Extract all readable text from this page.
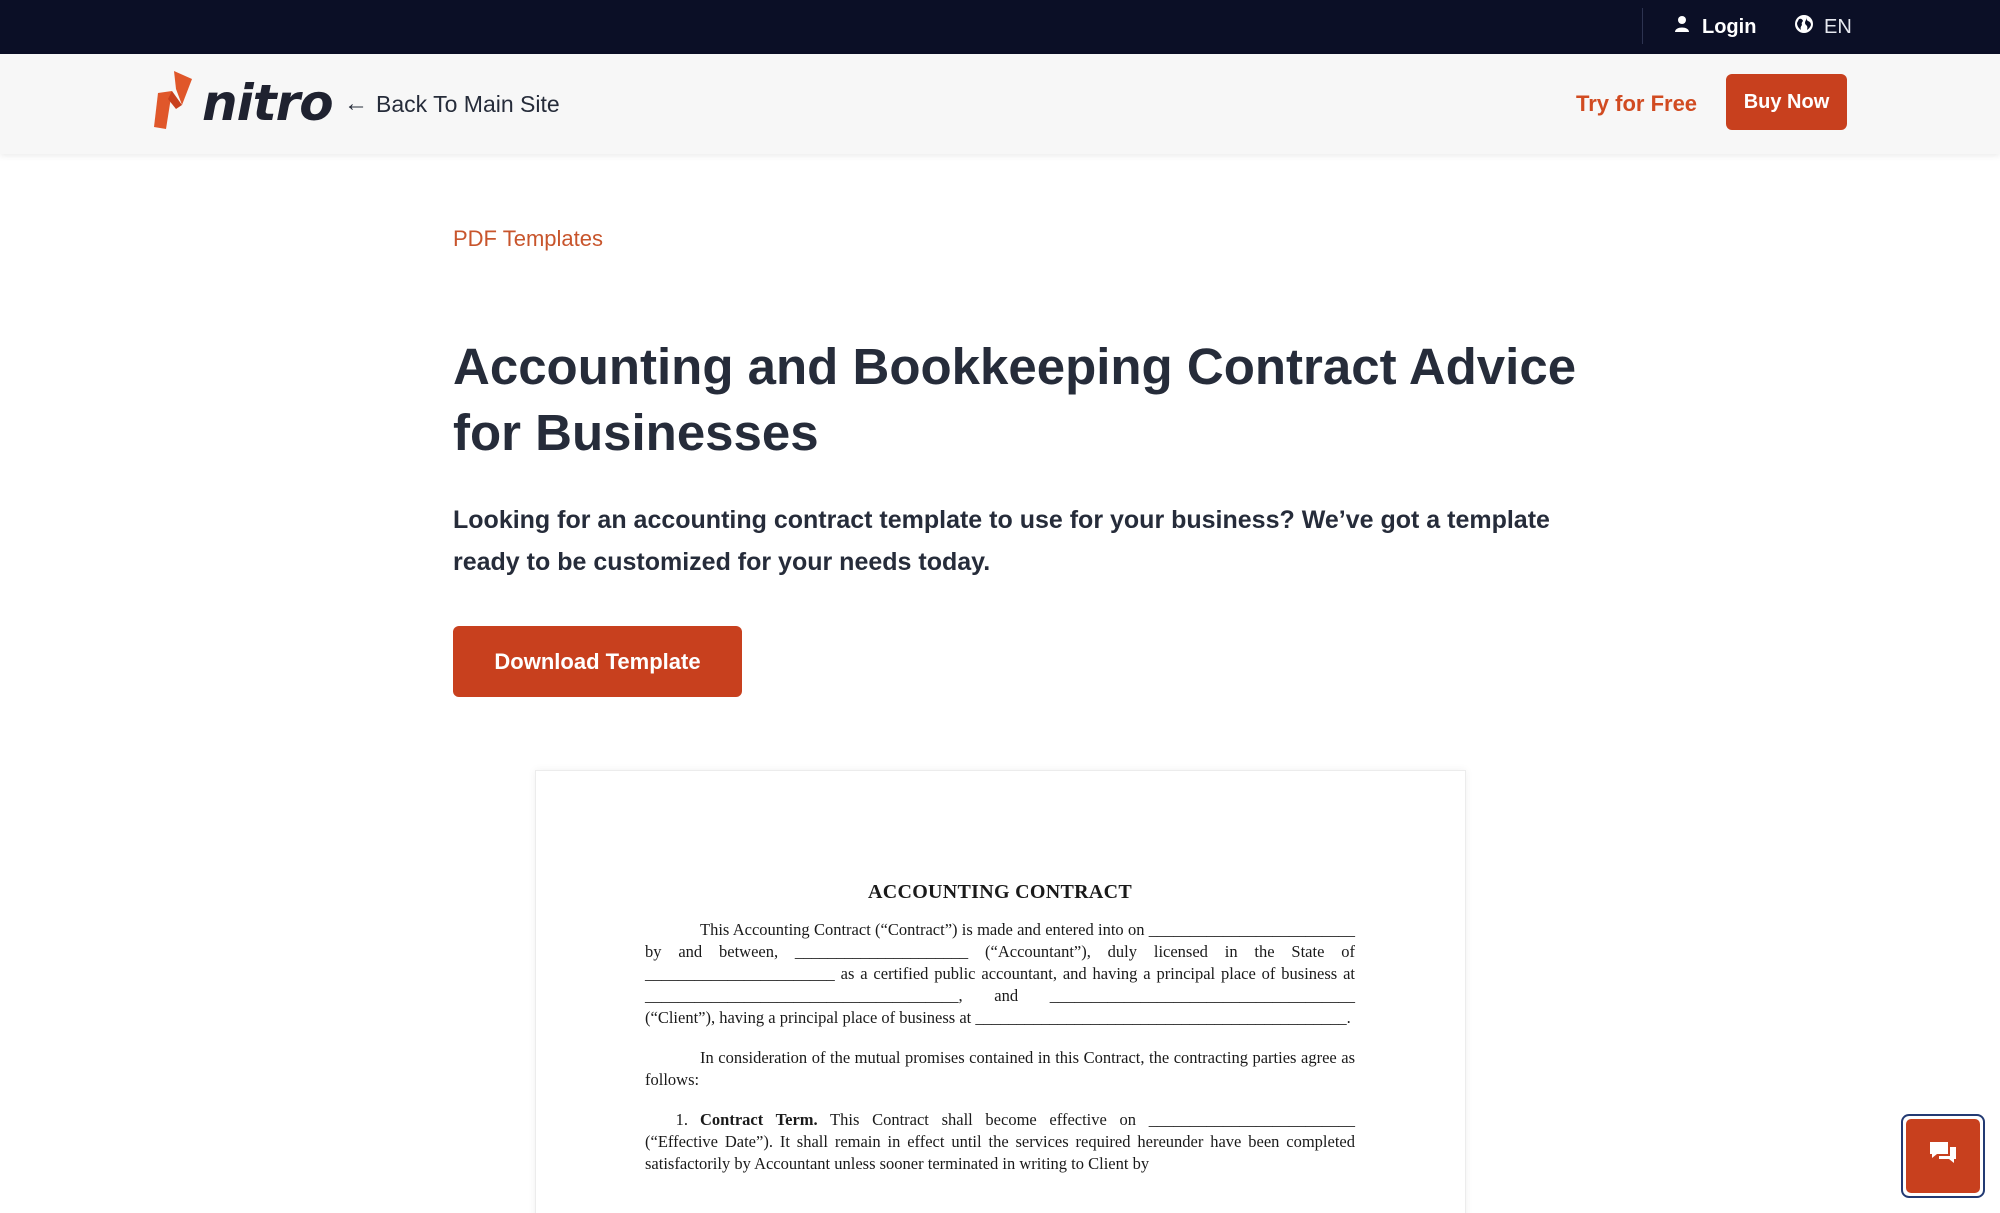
Login	EN
nitro ← Back To Main Site	Try for Free	Buy Now
PDF Templates
Accounting and Bookkeeping Contract Advice for Businesses

Looking for an accounting contract template to use for your business? We’ve got a template ready to be customized for your needs today.

Download Template
ACCOUNTING CONTRACT

This Accounting Contract (“Contract”) is made and entered into on _________________________ by and between, _____________________ (“Accountant”), duly licensed in the State of _______________________ as a certified public accountant, and having a principal place of business at ______________________________________, and _____________________________________ (“Client”), having a principal place of business at _____________________________________________.

In consideration of the mutual promises contained in this Contract, the contracting parties agree as follows:

1. Contract Term. This Contract shall become effective on _________________________ (“Effective Date”). It shall remain in effect until the services required hereunder have been completed satisfactorily by Accountant unless sooner terminated in writing to Client by
